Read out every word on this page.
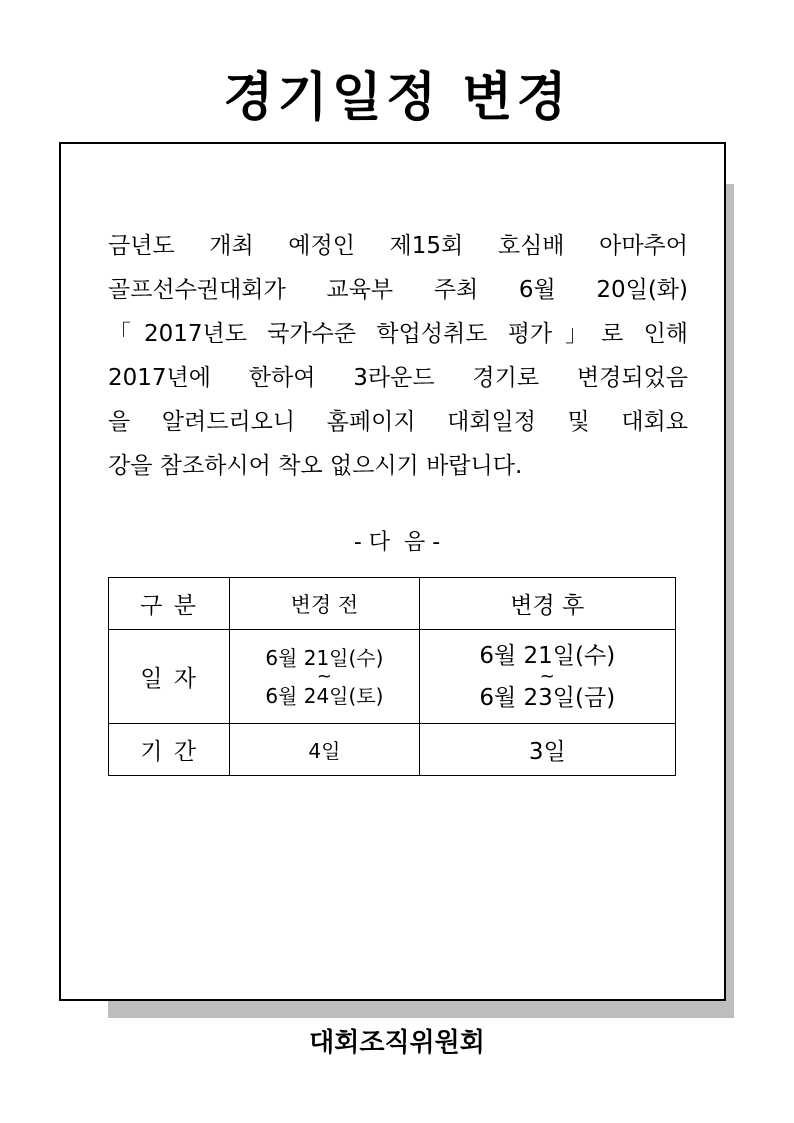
경기일정 변경

금년도 개최 예정인 제15회 호심배 아마추어
골프선수권대회가 교육부 주최 6월 20일(화)
「2017년도 국가수준 학업성취도 평가」로 인해
2017년에 한하여 3라운드 경기로 변경되었음
을 알려드리오니 홈페이지 대회일정 및 대회요
강을 참조하시어 착오 없으시기 바랍니다.

- 다  음 -
구 분	변경 전	변경 후
일 자	6월 21일(수)
~
6월 24일(토)	6월 21일(수)
~
6월 23일(금)

기 간	4일	3일
대회조직위원회
